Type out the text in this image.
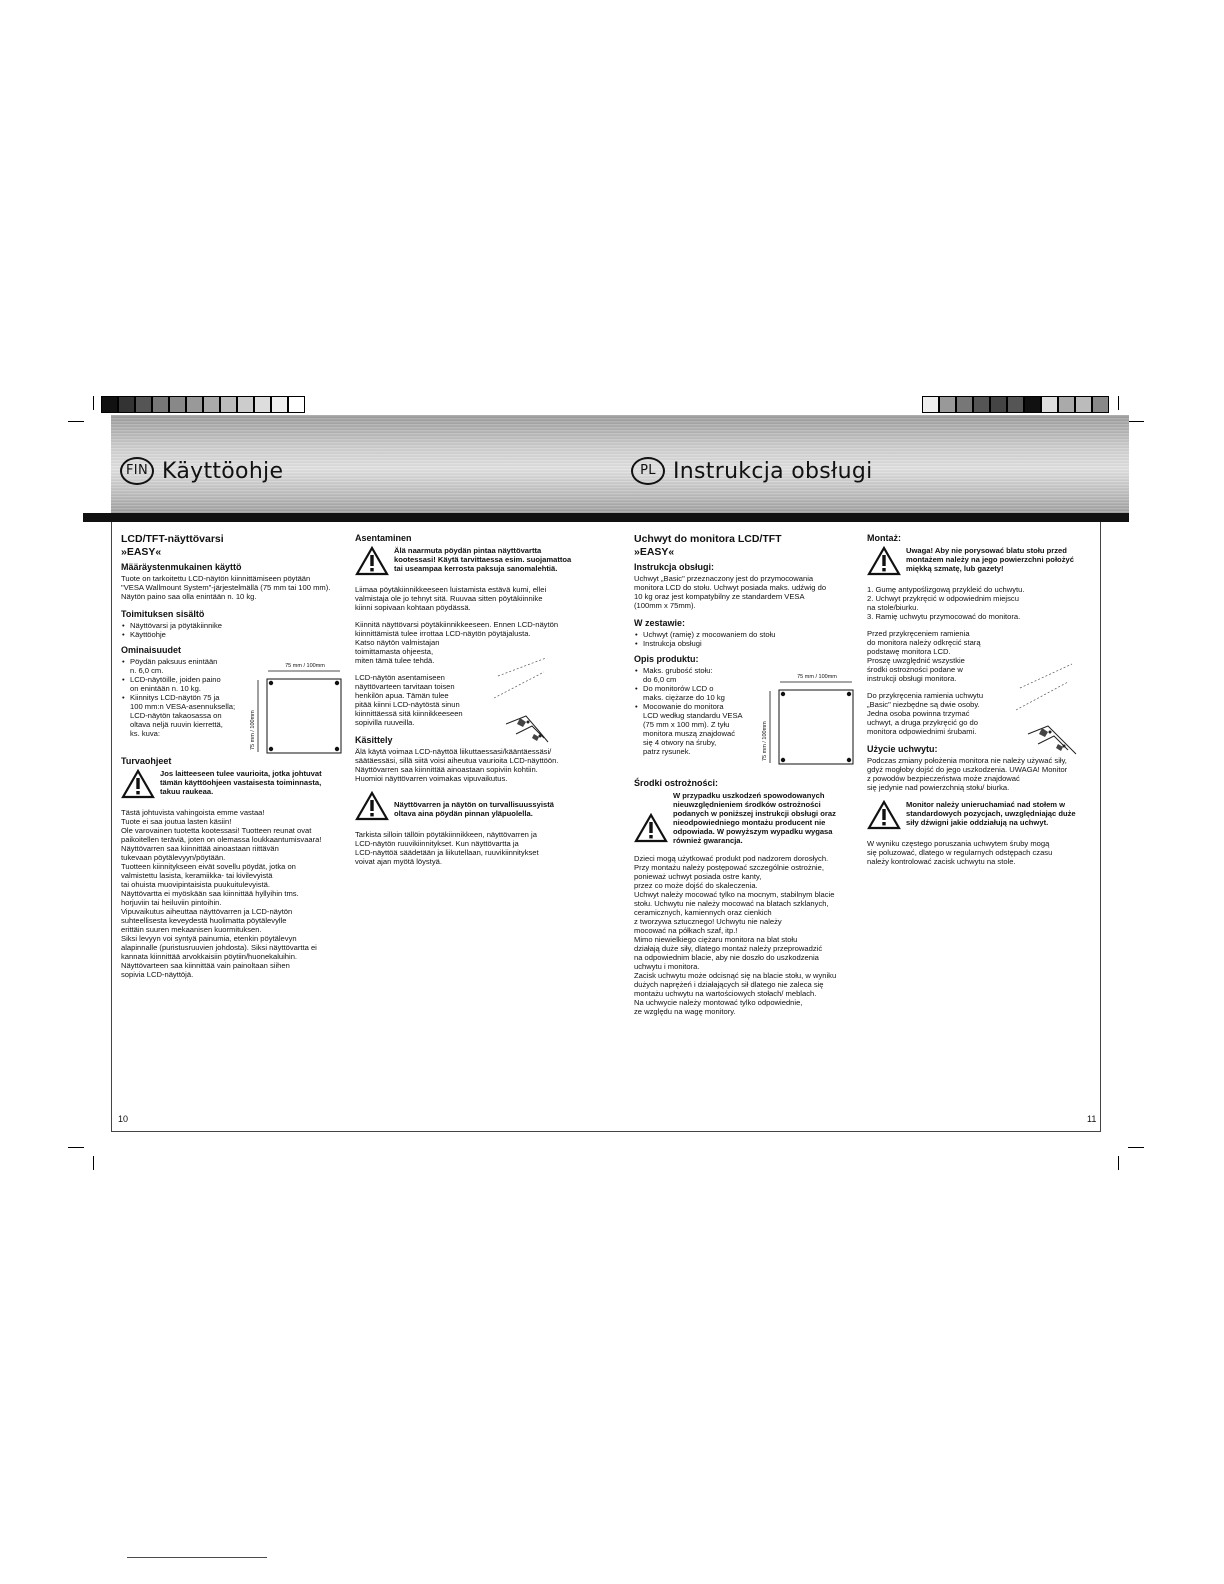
FIN Käyttöohje	PL Instrukcja obsługi
LCD/TFT-näyttövarsi
»EASY«
Määräystenmukainen käyttö

Tuote on tarkoitettu LCD-näytön kiinnittämiseen pöytään
"VESA Wallmount System"-järjestelmällä (75 mm tai 100 mm).
Näytön paino saa olla enintään n. 10 kg.

Toimituksen sisältö
• Näyttövarsi ja pöytäkiinnike
• Käyttöohje
Ominaisuudet
• Pöydän paksuus enintään
n. 6,0 cm.
• LCD-näytöille, joiden paino
on enintään n. 10 kg.
• Kiinnitys LCD-näytön 75 ja
100 mm:n VESA-asennuksella;
LCD-näytön takaosassa on
oltava neljä ruuvin kierrettä,
ks. kuva:
Turvaohjeet
Jos laitteeseen tulee vaurioita, jotka johtuvat
tämän käyttöohjeen vastaisesta toiminnasta,
takuu raukeaa.

Tästä johtuvista vahingoista emme vastaa!
Tuote ei saa joutua lasten käsiin!
Ole varovainen tuotetta kootessasi! Tuotteen reunat ovat
paikoitellen teräviä, joten on olemassa loukkaantumisvaara!
Näyttövarren saa kiinnittää ainoastaan riittävän
tukevaan pöytälevyyn/pöytään.
Tuotteen kiinnitykseen eivät sovellu pöydät, jotka on
valmistettu lasista, keramiikka- tai kivilevyistä
tai ohuista muovipintaisista puukuitulevyistä.
Näyttövartta ei myöskään saa kiinnittää hyllyihin tms.
horjuviin tai heiluviin pintoihin.
Vipuvaikutus aiheuttaa näyttövarren ja LCD-näytön
suhteellisesta keveydestä huolimatta pöytälevylle
erittäin suuren mekaanisen kuormituksen.
Siksi levyyn voi syntyä painumia, etenkin pöytälevyn
alapinnalle (puristusruuvien johdosta). Siksi näyttövartta ei
kannata kiinnittää arvokkaisiin pöytiin/huonekaluihin.
Näyttövarteen saa kiinnittää vain painoltaan siihen
sopivia LCD-näyttöjä.

75 mm / 100mm
75 mm / 100mm
Asentaminen
Älä naarmuta pöydän pintaa näyttövartta
kootessasi! Käytä tarvittaessa esim. suojamattoa
tai useampaa kerrosta paksuja sanomalehtiä.

Liimaa pöytäkiinnikkeeseen luistamista estävä kumi, ellei
valmistaja ole jo tehnyt sitä. Ruuvaa sitten pöytäkiinnike
kiinni sopivaan kohtaan pöydässä.

Kiinnitä näyttövarsi pöytäkiinnikkeeseen. Ennen LCD-näytön
kiinnittämistä tulee irrottaa LCD-näytön pöytäjalusta.
Katso näytön valmistajan
toimittamasta ohjeesta,
miten tämä tulee tehdä.

LCD-näytön asentamiseen
näyttövarteen tarvitaan toisen
henkilön apua. Tämän tulee
pitää kiinni LCD-näytöstä sinun
kiinnittäessä sitä kiinnikkeeseen
sopivilla ruuveilla.

Käsittely

Älä käytä voimaa LCD-näyttöä liikuttaessasi/kääntäessäsi/
säätäessäsi, sillä siitä voisi aiheutua vaurioita LCD-näyttöön.
Näyttövarren saa kiinnittää ainoastaan sopiviin kohtiin.
Huomioi näyttövarren voimakas vipuvaikutus.

Näyttövarren ja näytön on turvallisuussyistä
oltava aina pöydän pinnan yläpuolella.

Tarkista silloin tällöin pöytäkiinnikkeen, näyttövarren ja
LCD-näytön ruuvikiinnitykset. Kun näyttövartta ja
LCD-näyttöä säädetään ja liikutellaan, ruuvikiinnitykset
voivat ajan myötä löystyä.

Uchwyt do monitora LCD/TFT
»EASY«
Instrukcja obsługi:

Uchwyt „Basic" przeznaczony jest do przymocowania
monitora LCD do stołu. Uchwyt posiada maks. udźwig do
10 kg oraz jest kompatybilny ze standardem VESA
(100mm x 75mm).

W zestawie:
• Uchwyt (ramię) z mocowaniem do stołu
• Instrukcja obsługi
Opis produktu:
• Maks. grubość stołu:
do 6,0 cm
• Do monitorów LCD o
maks. ciężarze do 10 kg
• Mocowanie do monitora
LCD według standardu VESA
(75 mm x 100 mm). Z tyłu
monitora muszą znajdować
się 4 otwory na śruby,
patrz rysunek.
Środki ostrożności:
W przypadku uszkodzeń spowodowanych
nieuwzględnieniem środków ostrożności
podanych w poniższej instrukcji obsługi oraz
nieodpowiedniego montażu producent nie
odpowiada. W powyższym wypadku wygasa
również gwarancja.

Dzieci mogą użytkować produkt pod nadzorem dorosłych.
Przy montażu należy postępować szczególnie ostrożnie,
ponieważ uchwyt posiada ostre kanty,
przez co może dojść do skaleczenia.
Uchwyt należy mocować tylko na mocnym, stabilnym blacie
stołu. Uchwytu nie należy mocować na blatach szklanych,
ceramicznych, kamiennych oraz cienkich
z tworzywa sztucznego! Uchwytu nie należy
mocować na półkach szaf, itp.!
Mimo niewielkiego ciężaru monitora na blat stołu
działają duże siły, dlatego montaż należy przeprowadzić
na odpowiednim blacie, aby nie doszło do uszkodzenia
uchwytu i monitora.
Zacisk uchwytu może odcisnąć się na blacie stołu, w wyniku
dużych naprężeń i działających sił dlatego nie zaleca się
montażu uchwytu na wartościowych stołach/ meblach.
Na uchwycie należy montować tylko odpowiednie,
ze względu na wagę monitory.

75 mm / 100mm
75 mm / 100mm
Montaż:
Uwaga! Aby nie porysować blatu stołu przed
montażem należy na jego powierzchni położyć
miękką szmatę, lub gazety!
1. Gumę antypoślizgową przykleić do uchwytu.
2. Uchwyt przykręcić w odpowiednim miejscu
na stole/biurku.
3. Ramię uchwytu przymocować do monitora.

Przed przykręceniem ramienia
do monitora należy odkręcić starą
podstawę monitora LCD.
Proszę uwzględnić wszystkie
środki ostrożności podane w
instrukcji obsługi monitora.

Do przykręcenia ramienia uchwytu
„Basic" niezbędne są dwie osoby.
Jedna osoba powinna trzymać
uchwyt, a druga przykręcić go do
monitora odpowiednimi śrubami.

Użycie uchwytu:

Podczas zmiany położenia monitora nie należy używać siły,
gdyż mogłoby dojść do jego uszkodzenia. UWAGA! Monitor
z powodów bezpieczeństwa może znajdować
się jedynie nad powierzchnią stołu/ biurka.

Monitor należy unieruchamiać nad stołem w
standardowych pozycjach, uwzględniając duże
siły dźwigni jakie oddziałują na uchwyt.

W wyniku częstego poruszania uchwytem śruby mogą
się poluzować, dlatego w regularnych odstępach czasu
należy kontrolować zacisk uchwytu na stole.

10	11
